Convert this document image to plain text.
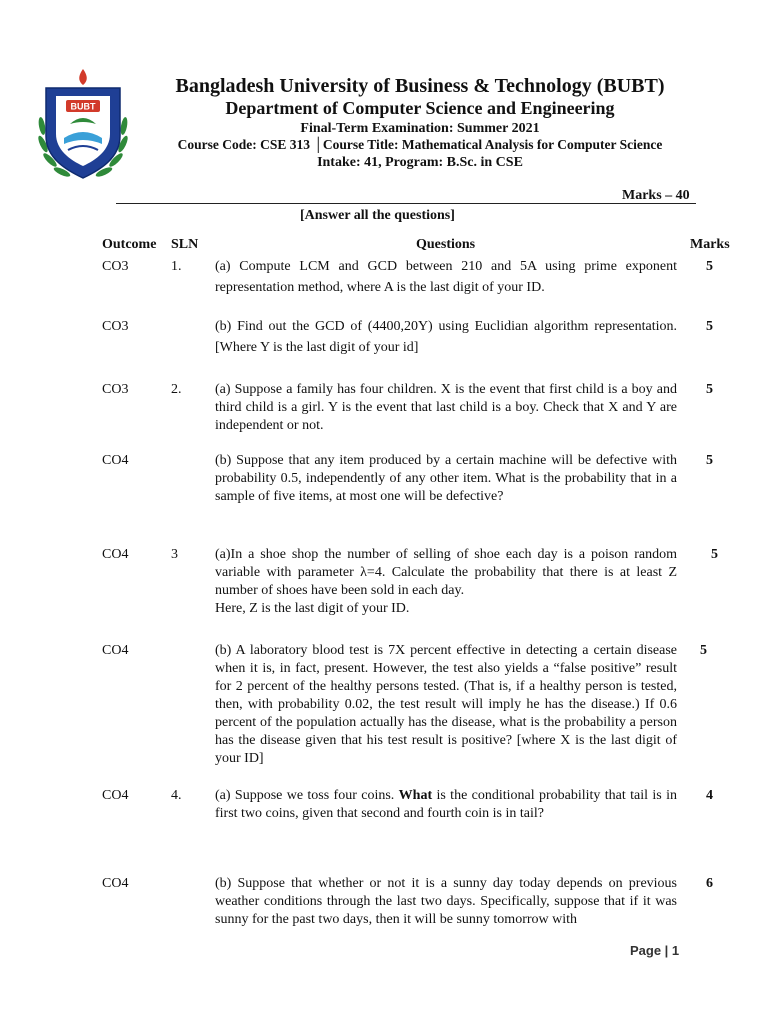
BUBT
Bangladesh University of Business & Technology (BUBT)
Department of Computer Science and Engineering
Final-Term Examination: Summer 2021
Course Code: CSE 313 │Course Title: Mathematical Analysis for Computer Science
Intake: 41, Program: B.Sc. in CSE
Marks – 40
[Answer all the questions]
Outcome SLN	Questions	Marks
CO3	1. (a) Compute LCM and GCD between 210 and 5A using prime exponent representation method, where A is the last digit of your ID.
5
CO3	(b) Find out the GCD of (4400,20Y) using Euclidian algorithm representation. [Where Y is the last digit of your id]
5
CO3	2. (a) Suppose a family has four children. X is the event that first child is a boy and third child is a girl. Y is the event that last child is a boy. Check that X and Y are independent or not.
5
CO4	(b) Suppose that any item produced by a certain machine will be defective with probability 0.5, independently of any other item. What is the probability that in a sample of five items, at most one will be defective?
5
CO4	3	(a)In a shoe shop the number of selling of shoe each day is a poison random variable with parameter λ=4. Calculate the probability that there is at least Z number of shoes have been sold in each day.
Here, Z is the last digit of your ID.
5
CO4	(b) A laboratory blood test is 7X percent effective in detecting a certain disease when it is, in fact, present. However, the test also yields a “false positive” result for 2 percent of the healthy persons tested. (That is, if a healthy person is tested, then, with probability 0.02, the test result will imply he has the disease.) If 0.6 percent of the population actually has the disease, what is the probability a person has the disease given that his test result is positive? [where X is the last digit of your ID]
5
CO4	4. (a) Suppose we toss four coins. What is the conditional probability that tail is in first two coins, given that second and fourth coin is in tail?
4
CO4	(b) Suppose that whether or not it is a sunny day today depends on previous weather conditions through the last two days. Specifically, suppose that if it was sunny for the past two days, then it will be sunny tomorrow with
6
Page | 1
